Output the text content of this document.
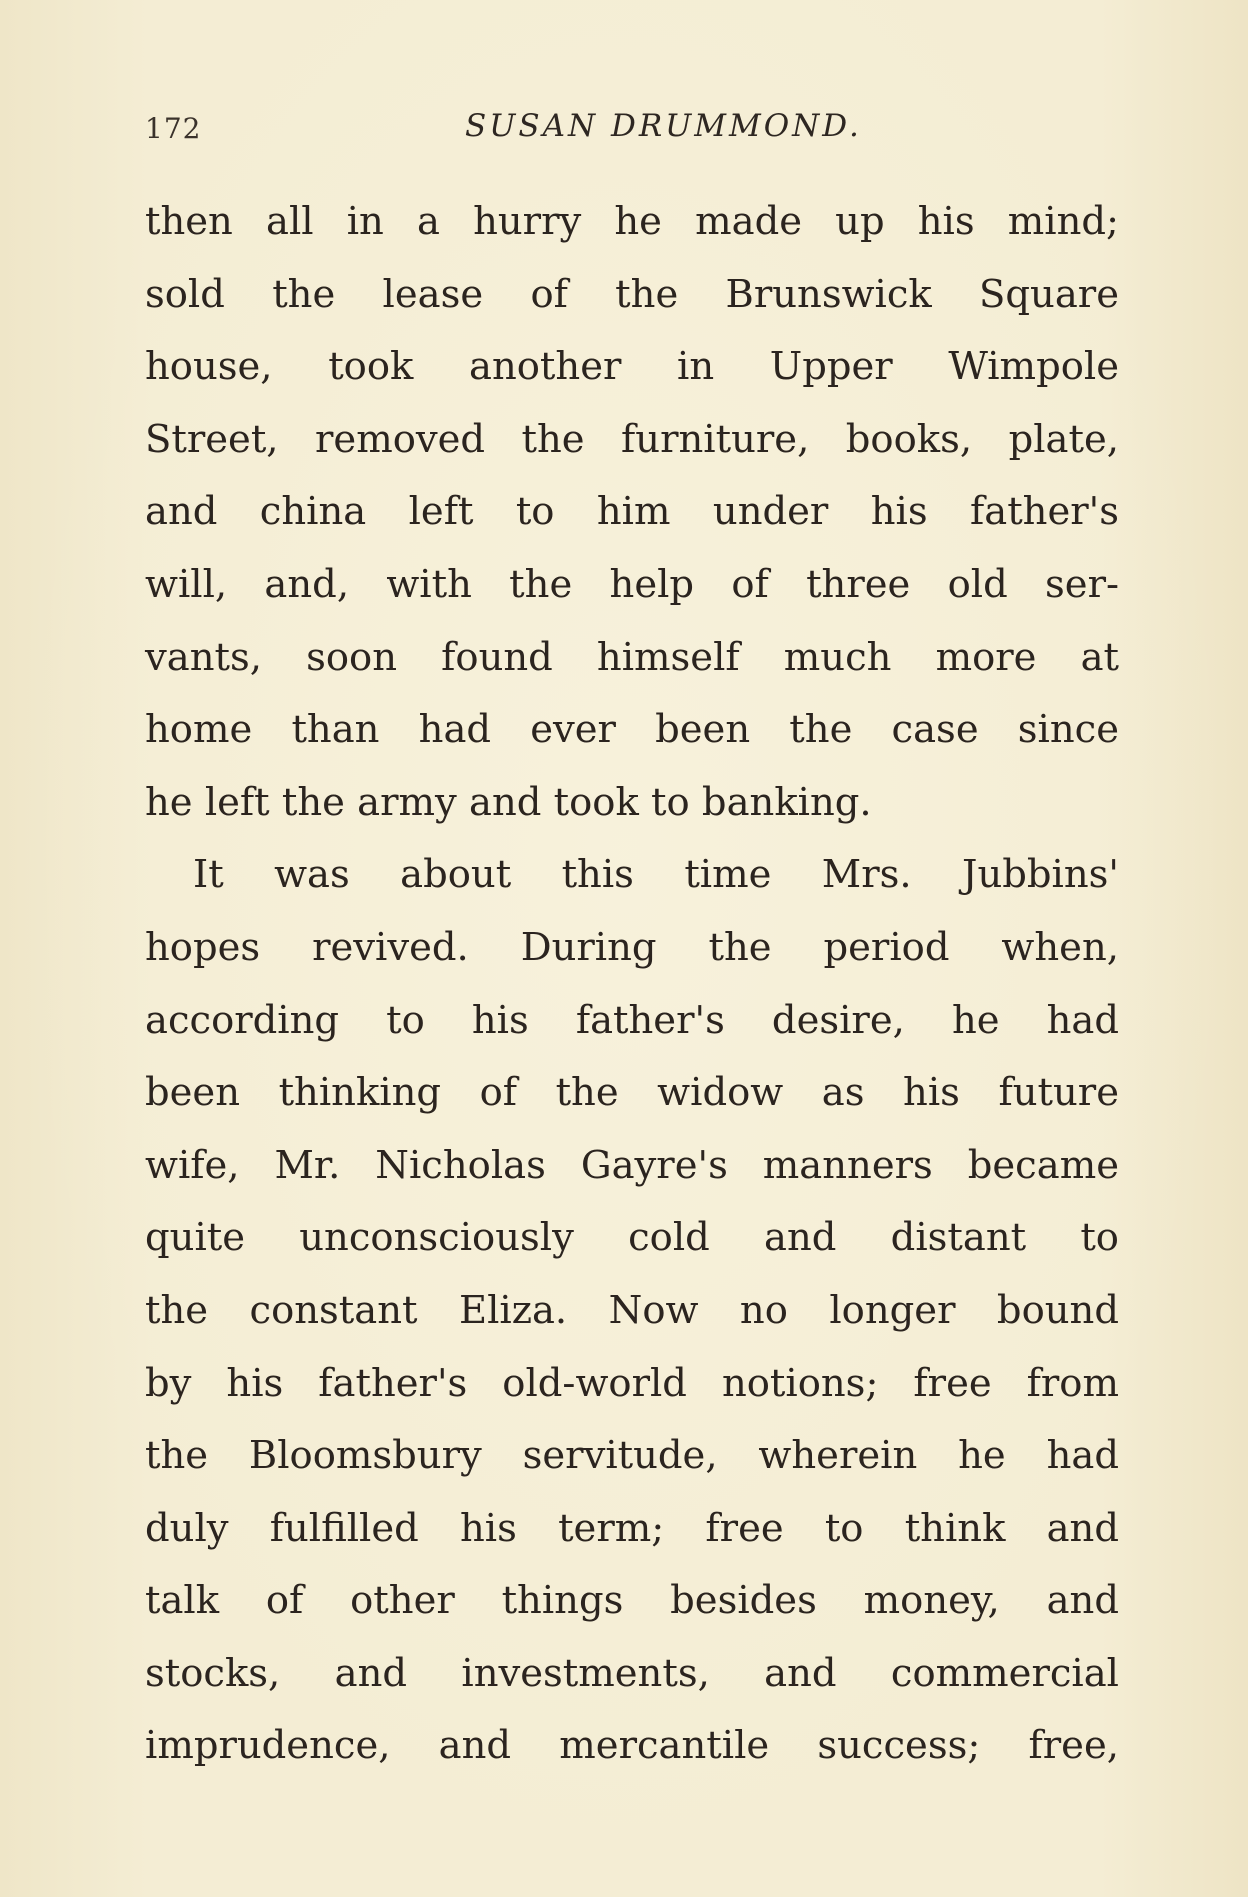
172	SUSAN DRUMMOND.
then all in a hurry he made up his mind;
sold the lease of the Brunswick Square
house, took another in Upper Wimpole
Street, removed the furniture, books, plate,
and china left to him under his father's
will, and, with the help of three old ser-
vants, soon found himself much more at
home than had ever been the case since
he left the army and took to banking.
It was about this time Mrs. Jubbins'
hopes revived. During the period when,
according to his father's desire, he had
been thinking of the widow as his future
wife, Mr. Nicholas Gayre's manners became
quite unconsciously cold and distant to
the constant Eliza. Now no longer bound
by his father's old-world notions; free from
the Bloomsbury servitude, wherein he had
duly fulfilled his term; free to think and
talk of other things besides money, and
stocks, and investments, and commercial
imprudence, and mercantile success; free,
